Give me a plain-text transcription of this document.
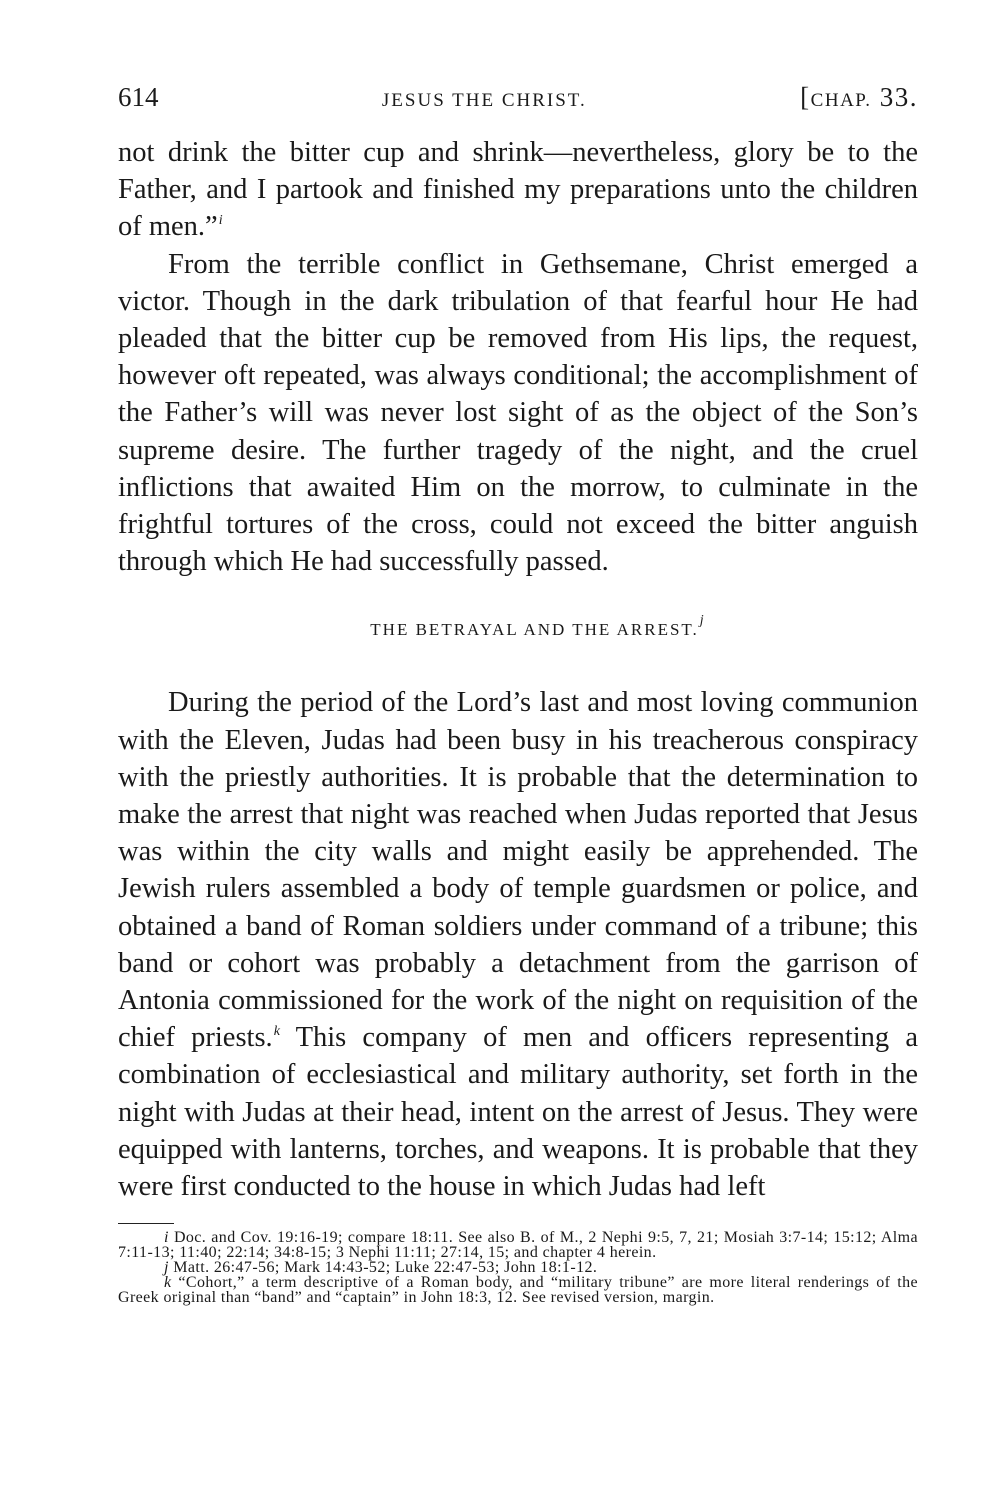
614	JESUS THE CHRIST.	[CHAP. 33.

not drink the bitter cup and shrink—nevertheless, glory be to the Father, and I partook and finished my preparations unto the children of men.”$^i$

From the terrible conflict in Gethsemane, Christ emerged a victor. Though in the dark tribulation of that fearful hour He had pleaded that the bitter cup be removed from His lips, the request, however oft repeated, was always conditional; the accomplishment of the Father’s will was never lost sight of as the object of the Son’s supreme desire. The further tragedy of the night, and the cruel inflictions that awaited Him on the morrow, to culminate in the frightful tortures of the cross, could not exceed the bitter anguish through which He had successfully passed.

THE BETRAYAL AND THE ARREST.$^j$

During the period of the Lord’s last and most loving communion with the Eleven, Judas had been busy in his treacherous conspiracy with the priestly authorities. It is probable that the determination to make the arrest that night was reached when Judas reported that Jesus was within the city walls and might easily be apprehended. The Jewish rulers assembled a body of temple guardsmen or police, and obtained a band of Roman soldiers under command of a tribune; this band or cohort was probably a detachment from the garrison of Antonia commissioned for the work of the night on requisition of the chief priests.$^k$ This company of men and officers representing a combination of ecclesiastical and military authority, set forth in the night with Judas at their head, intent on the arrest of Jesus. They were equipped with lanterns, torches, and weapons. It is probable that they were first conducted to the house in which Judas had left

i Doc. and Cov. 19:16-19; compare 18:11. See also B. of M., 2 Nephi 9:5, 7, 21; Mosiah 3:7-14; 15:12; Alma 7:11-13; 11:40; 22:14; 34:8-15; 3 Nephi 11:11; 27:14, 15; and chapter 4 herein.

j Matt. 26:47-56; Mark 14:43-52; Luke 22:47-53; John 18:1-12.

k “Cohort,” a term descriptive of a Roman body, and “military tribune” are more literal renderings of the Greek original than “band” and “captain” in John 18:3, 12. See revised version, margin.
